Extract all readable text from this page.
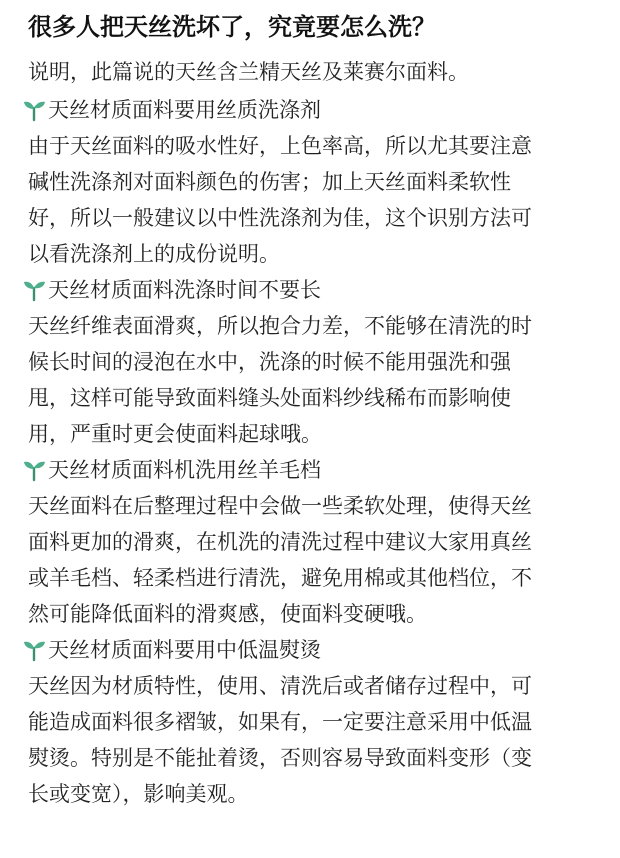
很多人把天丝洗坏了，究竟要怎么洗？
说明，此篇说的天丝含兰精天丝及莱赛尔面料。
天丝材质面料要用丝质洗涤剂
由于天丝面料的吸水性好，上色率高，所以尤其要注意
碱性洗涤剂对面料颜色的伤害；加上天丝面料柔软性
好，所以一般建议以中性洗涤剂为佳，这个识别方法可
以看洗涤剂上的成份说明。
天丝材质面料洗涤时间不要长
天丝纤维表面滑爽，所以抱合力差，不能够在清洗的时
候长时间的浸泡在水中，洗涤的时候不能用强洗和强
甩，这样可能导致面料缝头处面料纱线稀布而影响使
用，严重时更会使面料起球哦。
天丝材质面料机洗用丝羊毛档
天丝面料在后整理过程中会做一些柔软处理，使得天丝
面料更加的滑爽，在机洗的清洗过程中建议大家用真丝
或羊毛档、轻柔档进行清洗，避免用棉或其他档位，不
然可能降低面料的滑爽感，使面料变硬哦。
天丝材质面料要用中低温熨烫
天丝因为材质特性，使用、清洗后或者储存过程中，可
能造成面料很多褶皱，如果有，一定要注意采用中低温
熨烫。特别是不能扯着烫，否则容易导致面料变形（变
长或变宽），影响美观。
